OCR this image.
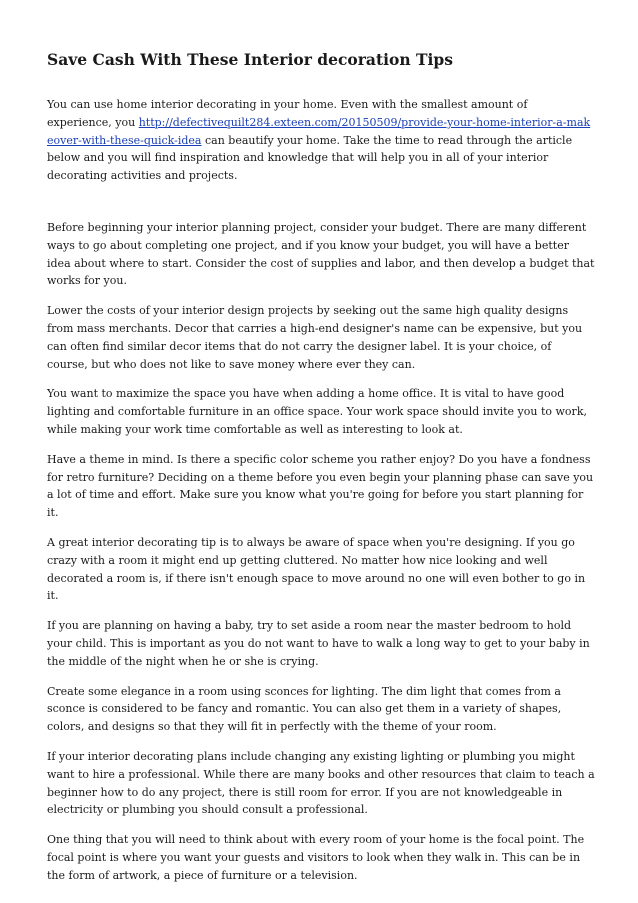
Save Cash With These Interior decoration Tips

You can use home interior decorating in your home. Even with the smallest amount of experience, you http://defectivequilt284.exteen.com/20150509/provide-your-home-interior-a-makeover-with-these-quick-idea can beautify your home. Take the time to read through the article below and you will find inspiration and knowledge that will help you in all of your interior decorating activities and projects.

Before beginning your interior planning project, consider your budget. There are many different ways to go about completing one project, and if you know your budget, you will have a better idea about where to start. Consider the cost of supplies and labor, and then develop a budget that works for you.

Lower the costs of your interior design projects by seeking out the same high quality designs from mass merchants. Decor that carries a high-end designer's name can be expensive, but you can often find similar decor items that do not carry the designer label. It is your choice, of course, but who does not like to save money where ever they can.

You want to maximize the space you have when adding a home office. It is vital to have good lighting and comfortable furniture in an office space. Your work space should invite you to work, while making your work time comfortable as well as interesting to look at.

Have a theme in mind. Is there a specific color scheme you rather enjoy? Do you have a fondness for retro furniture? Deciding on a theme before you even begin your planning phase can save you a lot of time and effort. Make sure you know what you're going for before you start planning for it.

A great interior decorating tip is to always be aware of space when you're designing. If you go crazy with a room it might end up getting cluttered. No matter how nice looking and well decorated a room is, if there isn't enough space to move around no one will even bother to go in it.

If you are planning on having a baby, try to set aside a room near the master bedroom to hold your child. This is important as you do not want to have to walk a long way to get to your baby in the middle of the night when he or she is crying.

Create some elegance in a room using sconces for lighting. The dim light that comes from a sconce is considered to be fancy and romantic. You can also get them in a variety of shapes, colors, and designs so that they will fit in perfectly with the theme of your room.

If your interior decorating plans include changing any existing lighting or plumbing you might want to hire a professional. While there are many books and other resources that claim to teach a beginner how to do any project, there is still room for error. If you are not knowledgeable in electricity or plumbing you should consult a professional.

One thing that you will need to think about with every room of your home is the focal point. The focal point is where you want your guests and visitors to look when they walk in. This can be in the form of artwork, a piece of furniture or a television.
